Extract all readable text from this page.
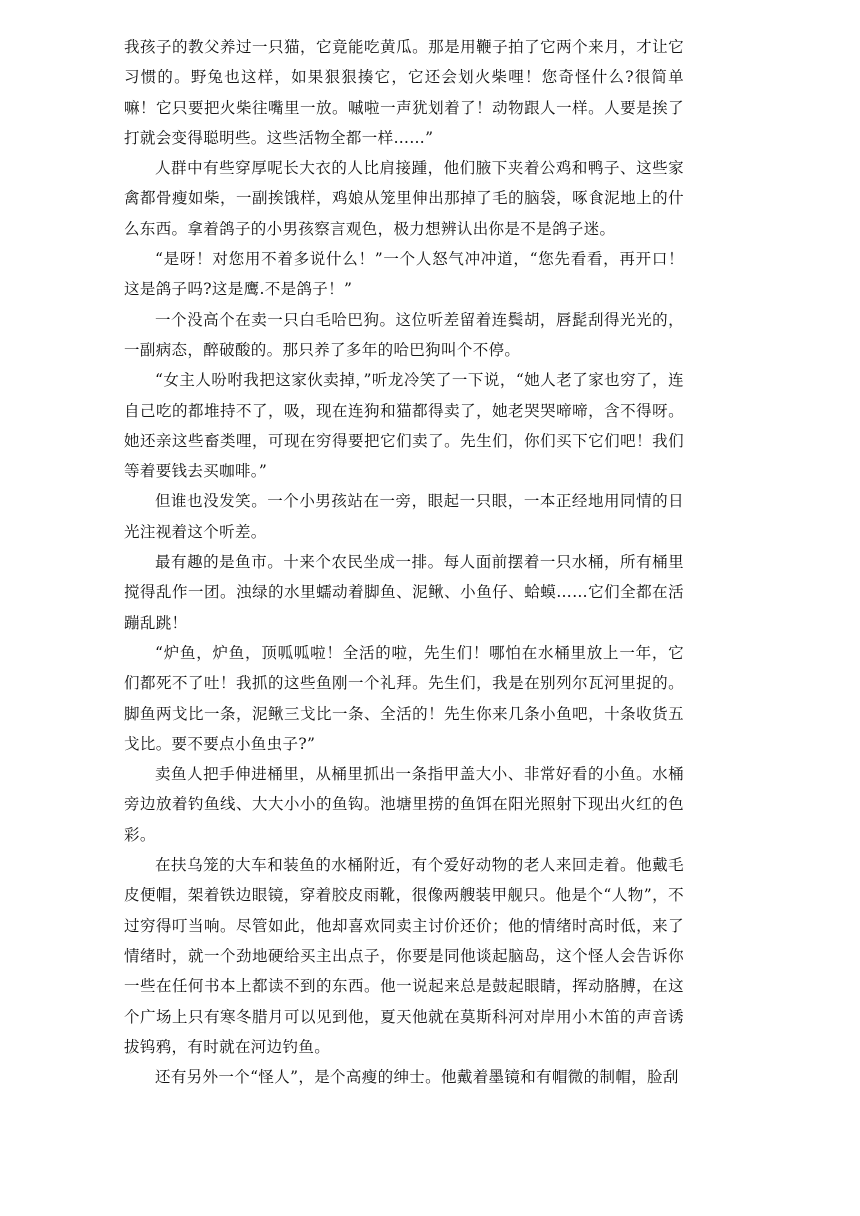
我孩子的教父养过一只猫，它竟能吃黄瓜。那是用鞭子拍了它两个来月，才让它习惯的。野兔也这样，如果狠狠揍它，它还会划火柴哩！您奇怪什么?很简单嘛！它只要把火柴往嘴里一放。嘁啦一声犹划着了！动物跟人一样。人要是挨了打就会变得聪明些。这些活物全都一样……”

人群中有些穿厚呢长大衣的人比肩接踵，他们腋下夹着公鸡和鸭子、这些家禽都骨瘦如柴，一副挨饿样，鸡娘从笼里伸出那掉了毛的脑袋，啄食泥地上的什么东西。拿着鸽子的小男孩察言观色，极力想辨认出你是不是鸽子迷。

“是呀！对您用不着多说什么！”一个人怒气冲冲道，“您先看看，再开口！这是鸽子吗?这是鹰.不是鸽子！”

一个没高个在卖一只白毛哈巴狗。这位听差留着连鬓胡，唇髭刮得光光的，一副病态，醉破酸的。那只养了多年的哈巴狗叫个不停。

“女主人吩咐我把这家伙卖掉，”听龙冷笑了一下说，“她人老了家也穷了，连自己吃的都堆持不了，吸，现在连狗和猫都得卖了，她老哭哭啼啼，含不得呀。她还亲这些畜类哩，可现在穷得要把它们卖了。先生们，你们买下它们吧！我们等着要钱去买咖啡。”

但谁也没发笑。一个小男孩站在一旁，眼起一只眼，一本正经地用同情的日光注视着这个听差。

最有趣的是鱼市。十来个农民坐成一排。每人面前摆着一只水桶，所有桶里搅得乱作一团。浊绿的水里蠕动着脚鱼、泥鳅、小鱼仔、蛤蟆……它们全都在活蹦乱跳！

“炉鱼，炉鱼，顶呱呱啦！全活的啦，先生们！哪怕在水桶里放上一年，它们都死不了吐！我抓的这些鱼刚一个礼拜。先生们，我是在别列尔瓦河里捉的。脚鱼两戈比一条，泥鳅三戈比一条、全活的！先生你来几条小鱼吧，十条收货五戈比。要不要点小鱼虫子?”

卖鱼人把手伸进桶里，从桶里抓出一条指甲盖大小、非常好看的小鱼。水桶旁边放着钓鱼线、大大小小的鱼钩。池塘里捞的鱼饵在阳光照射下现出火红的色彩。

在扶乌笼的大车和装鱼的水桶附近，有个爱好动物的老人来回走着。他戴毛皮便帽，架着铁边眼镜，穿着胶皮雨靴，很像两艘装甲舰只。他是个“人物”，不过穷得叮当响。尽管如此，他却喜欢同卖主讨价还价；他的情绪时高时低，来了情绪时，就一个劲地硬给买主出点子，你要是同他谈起脑岛，这个怪人会告诉你一些在任何书本上都读不到的东西。他一说起来总是鼓起眼睛，挥动胳膊，在这个广场上只有寒冬腊月可以见到他，夏天他就在莫斯科河对岸用小木笛的声音诱拔钨鸦，有时就在河边钓鱼。

还有另外一个“怪人”，是个高瘦的绅士。他戴着墨镜和有帽微的制帽，脸刮
